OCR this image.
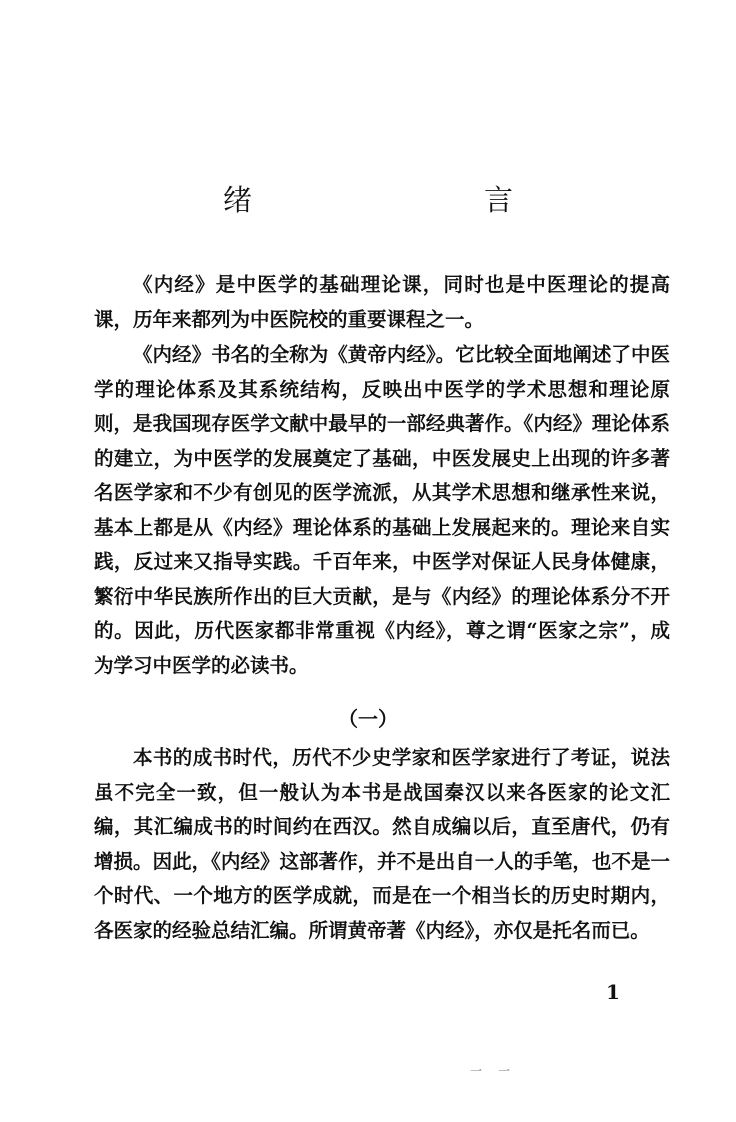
绪　　言

《内经》是中医学的基础理论课，同时也是中医理论的提高课，历年来都列为中医院校的重要课程之一。

《内经》书名的全称为《黄帝内经》。它比较全面地阐述了中医学的理论体系及其系统结构，反映出中医学的学术思想和理论原则，是我国现存医学文献中最早的一部经典著作。《内经》理论体系的建立，为中医学的发展奠定了基础，中医发展史上出现的许多著名医学家和不少有创见的医学流派，从其学术思想和继承性来说，基本上都是从《内经》理论体系的基础上发展起来的。理论来自实践，反过来又指导实践。千百年来，中医学对保证人民身体健康，繁衍中华民族所作出的巨大贡献，是与《内经》的理论体系分不开的。因此，历代医家都非常重视《内经》，尊之谓“医家之宗”，成为学习中医学的必读书。

（一）

本书的成书时代，历代不少史学家和医学家进行了考证，说法虽不完全一致，但一般认为本书是战国秦汉以来各医家的论文汇编，其汇编成书的时间约在西汉。然自成编以后，直至唐代，仍有增损。因此，《内经》这部著作，并不是出自一人的手笔，也不是一个时代、一个地方的医学成就，而是在一个相当长的历史时期内，各医家的经验总结汇编。所谓黄帝著《内经》，亦仅是托名而已。

1
一　一
